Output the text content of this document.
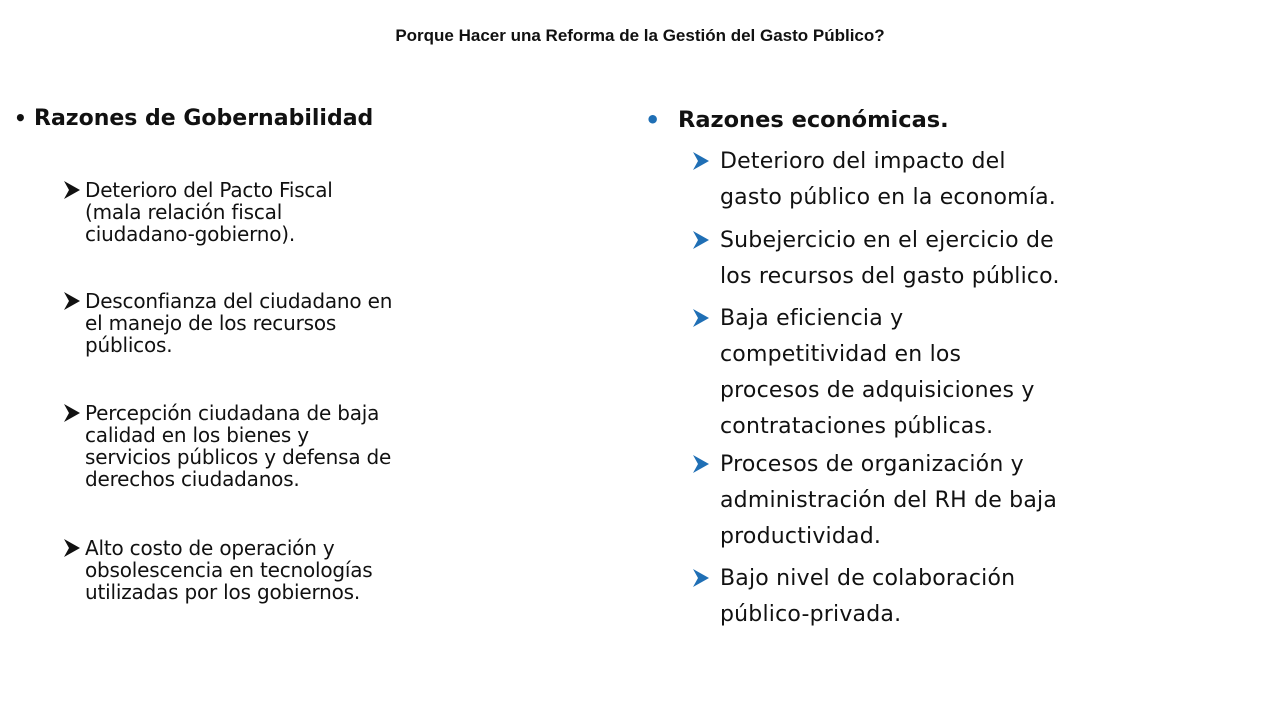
Porque Hacer una Reforma de la Gestión del Gasto Público?
• Razones de Gobernabilidad
Deterioro del Pacto Fiscal
(mala relación fiscal
ciudadano-gobierno).
Desconfianza del ciudadano en
el manejo de los recursos
públicos.
Percepción ciudadana de baja
calidad en los bienes y
servicios públicos y defensa de
derechos ciudadanos.
Alto costo de operación y
obsolescencia en tecnologías
utilizadas por los gobiernos.
• Razones económicas.
Deterioro del impacto del
gasto público en la economía.
Subejercicio en el ejercicio de
los recursos del gasto público.
Baja eficiencia y
competitividad en los
procesos de adquisiciones y
contrataciones públicas.
Procesos de organización y
administración del RH de baja
productividad.
Bajo nivel de colaboración
público-privada.
